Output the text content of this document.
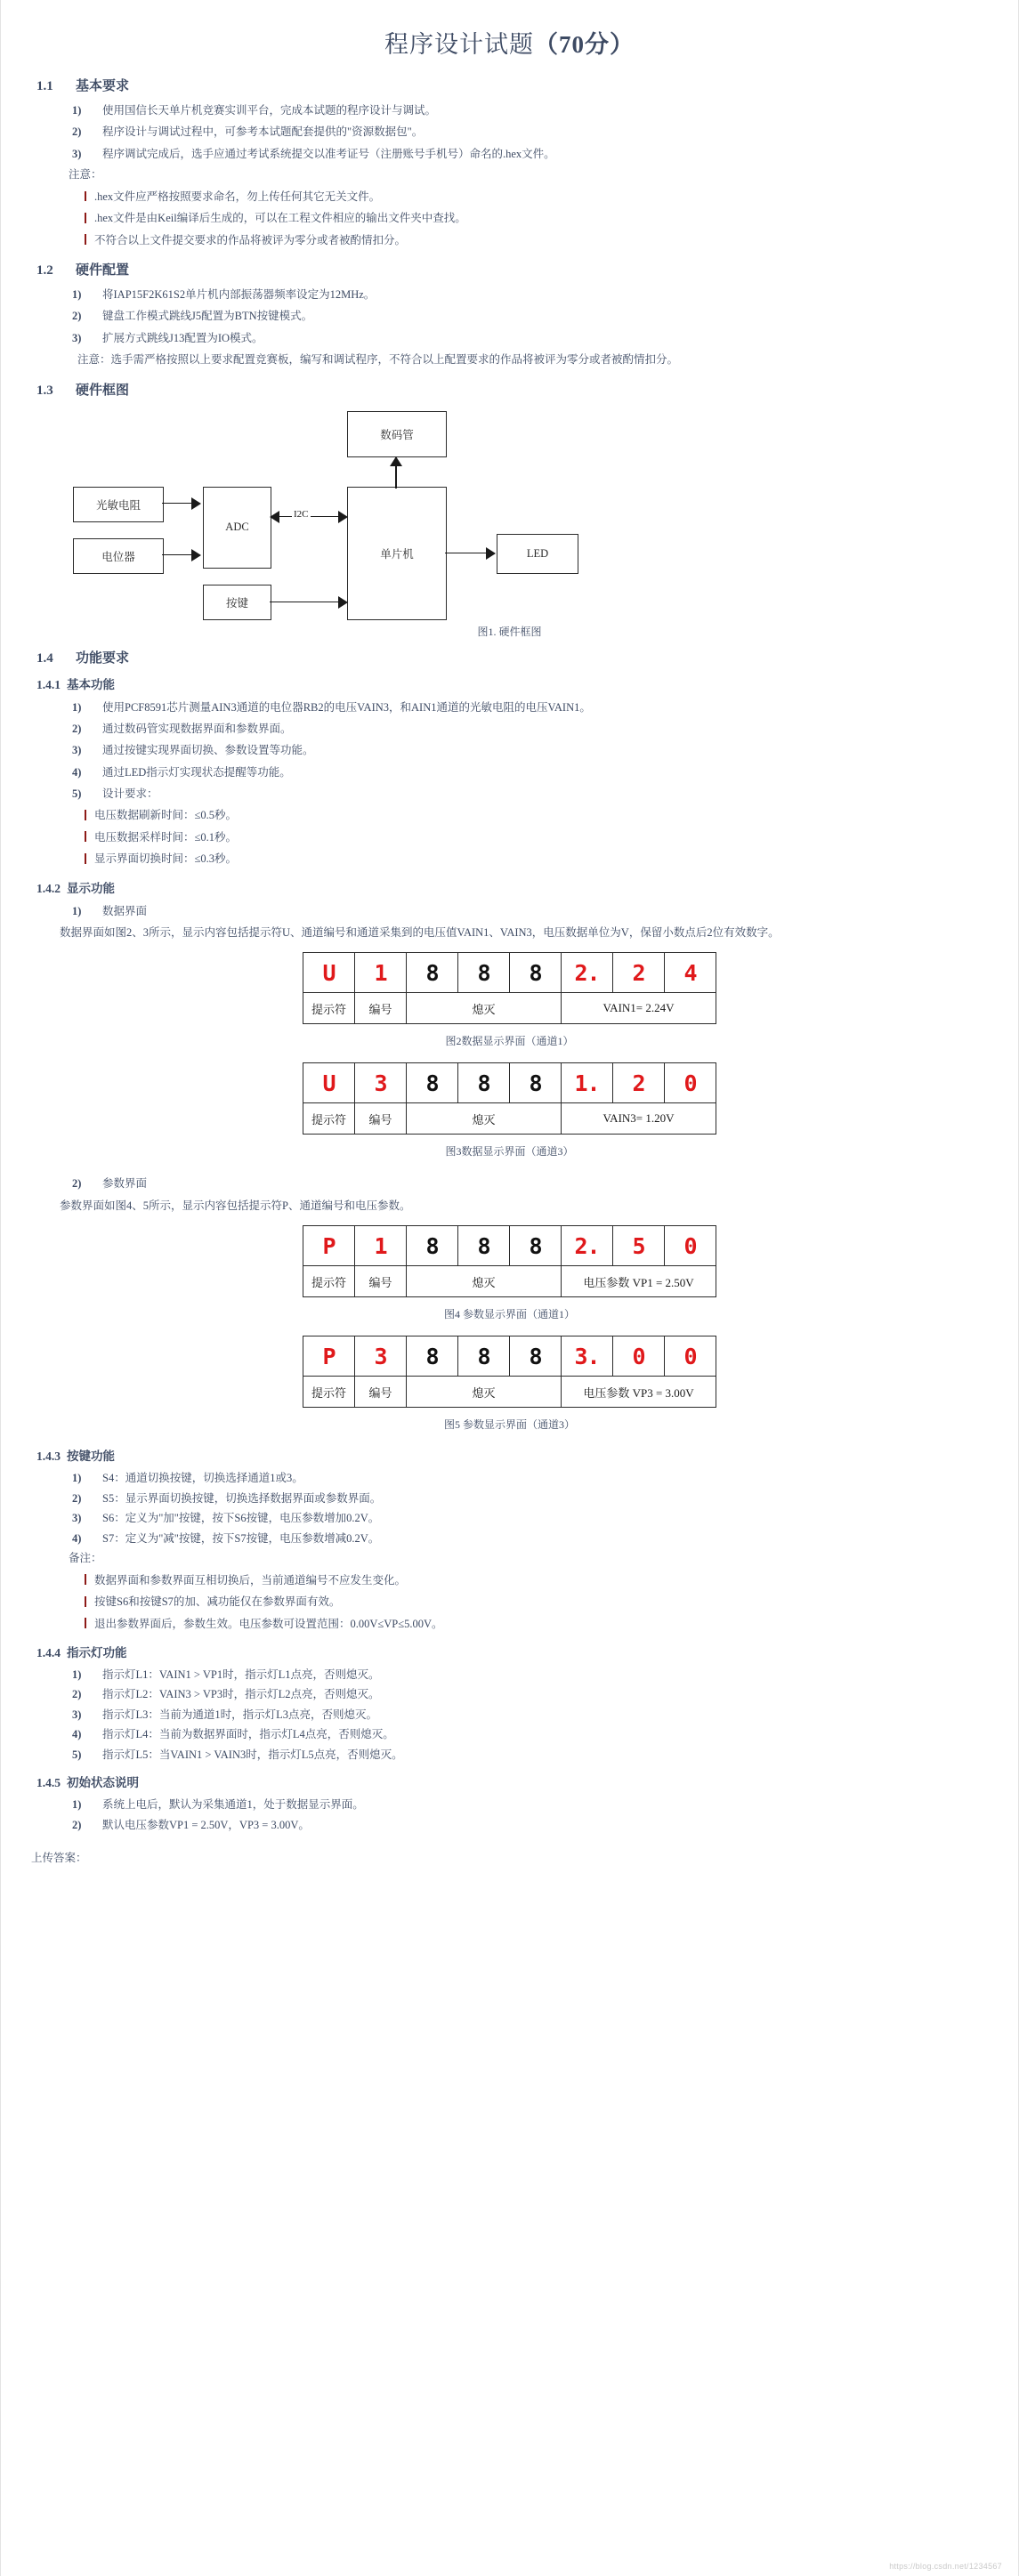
程序设计试题（70分）
1.1	基本要求
1)	使用国信长天单片机竞赛实训平台，完成本试题的程序设计与调试。
2)	程序设计与调试过程中，可参考本试题配套提供的"资源数据包"。
3)	程序调试完成后，选手应通过考试系统提交以准考证号（注册账号手机号）命名的.hex文件。
注意：
.hex文件应严格按照要求命名，勿上传任何其它无关文件。
.hex文件是由Keil编译后生成的，可以在工程文件相应的输出文件夹中查找。
不符合以上文件提交要求的作品将被评为零分或者被酌情扣分。
1.2	硬件配置
1)	将IAP15F2K61S2单片机内部振荡器频率设定为12MHz。
2)	键盘工作模式跳线J5配置为BTN按键模式。
3)	扩展方式跳线J13配置为IO模式。
注意：选手需严格按照以上要求配置竞赛板，编写和调试程序，不符合以上配置要求的作品将被评为零分或者被酌情扣分。
1.3	硬件框图
数码管
光敏电阻
电位器
ADC
按键
单片机	LED
I2C
图1. 硬件框图
1.4	功能要求
1.4.1 基本功能
1)	使用PCF8591芯片测量AIN3通道的电位器RB2的电压VAIN3，和AIN1通道的光敏电阻的电压VAIN1。
2)	通过数码管实现数据界面和参数界面。
3)	通过按键实现界面切换、参数设置等功能。
4)	通过LED指示灯实现状态提醒等功能。
5)	设计要求：
电压数据刷新时间：≤0.5秒。
电压数据采样时间：≤0.1秒。
显示界面切换时间：≤0.3秒。
1.4.2 显示功能
1)	数据界面
数据界面如图2、3所示，显示内容包括提示符U、通道编号和通道采集到的电压值VAIN1、VAIN3，电压数据单位为V，保留小数点后2位有效数字。
U	1	8	8	8	2.	2	4
提示符	编号	熄灭			VAIN1= 2.24V		
图2数据显示界面（通道1）
U	3	8	8	8	1.	2	0
提示符	编号	熄灭			VAIN3= 1.20V		
图3数据显示界面（通道3）
2)	参数界面
参数界面如图4、5所示，显示内容包括提示符P、通道编号和电压参数。
P	1	8	8	8	2.	5	0
提示符	编号	熄灭			电压参数 VP1 = 2.50V		
图4 参数显示界面（通道1）
P	3	8	8	8	3.	0	0
提示符	编号	熄灭			电压参数 VP3 = 3.00V		
图5 参数显示界面（通道3）
1.4.3 按键功能
1)	S4：通道切换按键，切换选择通道1或3。
2)	S5：显示界面切换按键，切换选择数据界面或参数界面。
3)	S6：定义为"加"按键，按下S6按键，电压参数增加0.2V。
4)	S7：定义为"减"按键，按下S7按键，电压参数增减0.2V。
备注：
数据界面和参数界面互相切换后，当前通道编号不应发生变化。
按键S6和按键S7的加、减功能仅在参数界面有效。
退出参数界面后，参数生效。电压参数可设置范围：0.00V≤VP≤5.00V。
1.4.4 指示灯功能
1)	指示灯L1：VAIN1 > VP1时，指示灯L1点亮，否则熄灭。
2)	指示灯L2：VAIN3 > VP3时，指示灯L2点亮，否则熄灭。
3)	指示灯L3：当前为通道1时，指示灯L3点亮，否则熄灭。
4)	指示灯L4：当前为数据界面时，指示灯L4点亮，否则熄灭。
5)	指示灯L5：当VAIN1 > VAIN3时，指示灯L5点亮，否则熄灭。
1.4.5 初始状态说明
1)	系统上电后，默认为采集通道1，处于数据显示界面。
2)	默认电压参数VP1 = 2.50V，VP3 = 3.00V。
上传答案：
https://blog.csdn.net/1234567
